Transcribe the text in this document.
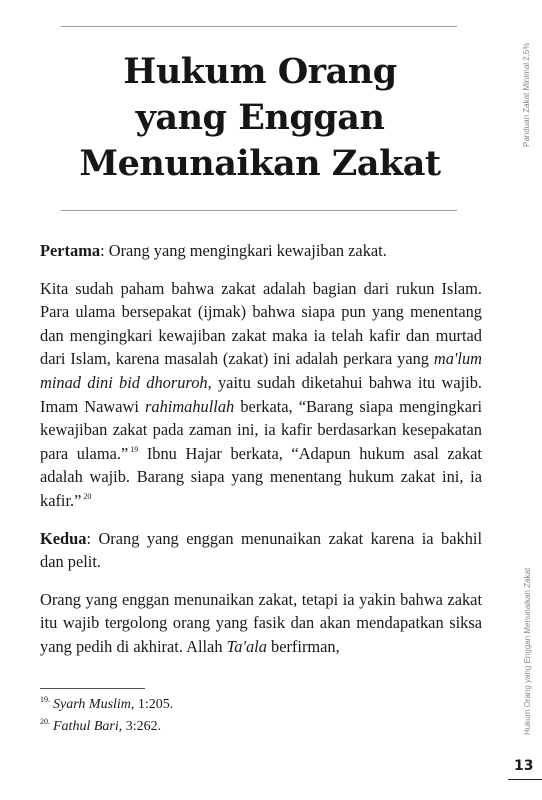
Hukum Orang
yang Enggan
Menunaikan Zakat

Pertama: Orang yang mengingkari kewajiban zakat.

Kita sudah paham bahwa zakat adalah bagian dari rukun Islam. Para ulama bersepakat (ijmak) bahwa siapa pun yang menentang dan mengingkari kewajiban zakat maka ia telah kafir dan murtad dari Islam, karena masalah (zakat) ini adalah perkara yang ma'lum minad dini bid dhoruroh, yaitu sudah diketahui bahwa itu wajib. Imam Nawawi rahimahullah berkata, “Barang siapa mengingkari kewajiban zakat pada zaman ini, ia kafir berdasarkan kesepakatan para ulama.” $^{19}$ Ibnu Hajar berkata, “Adapun hukum asal zakat adalah wajib. Barang siapa yang menentang hukum zakat ini, ia kafir.” $^{20}$

Kedua: Orang yang enggan menunaikan zakat karena ia bakhil dan pelit.

Orang yang enggan menunaikan zakat, tetapi ia yakin bahwa zakat itu wajib tergolong orang yang fasik dan akan mendapatkan siksa yang pedih di akhirat. Allah Ta'ala berfirman,

$^{19.}$ Syarh Muslim, 1:205.
$^{20.}$ Fathul Bari, 3:262.
Panduan Zakat Minimal 2,5%
Hukum Orang yang Enggan Menunaikan Zakat
13
